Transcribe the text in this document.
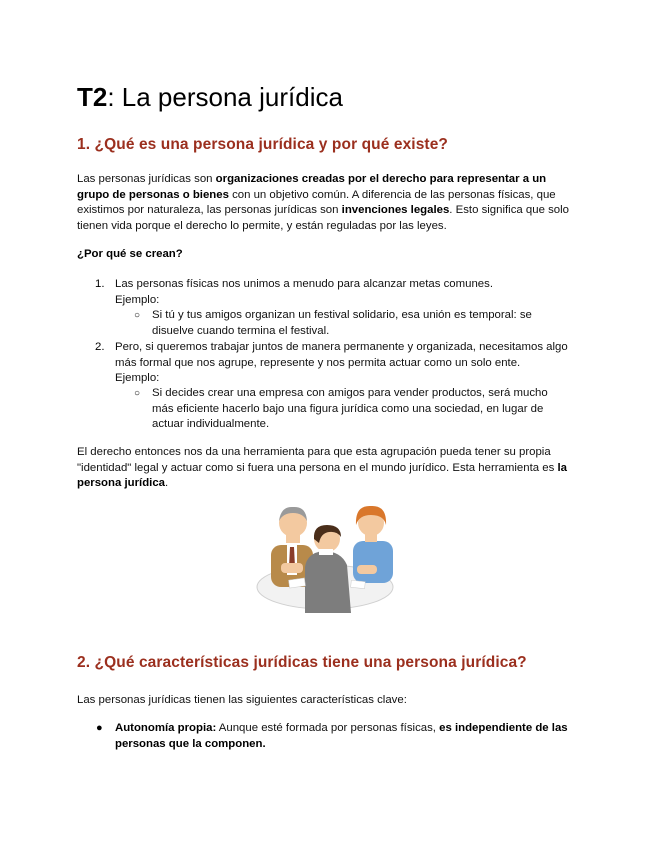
T2: La persona jurídica
1. ¿Qué es una persona jurídica y por qué existe?

Las personas jurídicas son organizaciones creadas por el derecho para representar a un grupo de personas o bienes con un objetivo común. A diferencia de las personas físicas, que existimos por naturaleza, las personas jurídicas son invenciones legales. Esto significa que solo tienen vida porque el derecho lo permite, y están reguladas por las leyes.

¿Por qué se crean?

1. Las personas físicas nos unimos a menudo para alcanzar metas comunes.
Ejemplo:
○ Si tú y tus amigos organizan un festival solidario, esa unión es temporal: se disuelve cuando termina el festival.
2. Pero, si queremos trabajar juntos de manera permanente y organizada, necesitamos algo más formal que nos agrupe, represente y nos permita actuar como un solo ente.
Ejemplo:
○ Si decides crear una empresa con amigos para vender productos, será mucho más eficiente hacerlo bajo una figura jurídica como una sociedad, en lugar de actuar individualmente.

El derecho entonces nos da una herramienta para que esta agrupación pueda tener su propia "identidad" legal y actuar como si fuera una persona en el mundo jurídico. Esta herramienta es la persona jurídica.

2. ¿Qué características jurídicas tiene una persona jurídica?

Las personas jurídicas tienen las siguientes características clave:

● Autonomía propia: Aunque esté formada por personas físicas, es independiente de las personas que la componen.
